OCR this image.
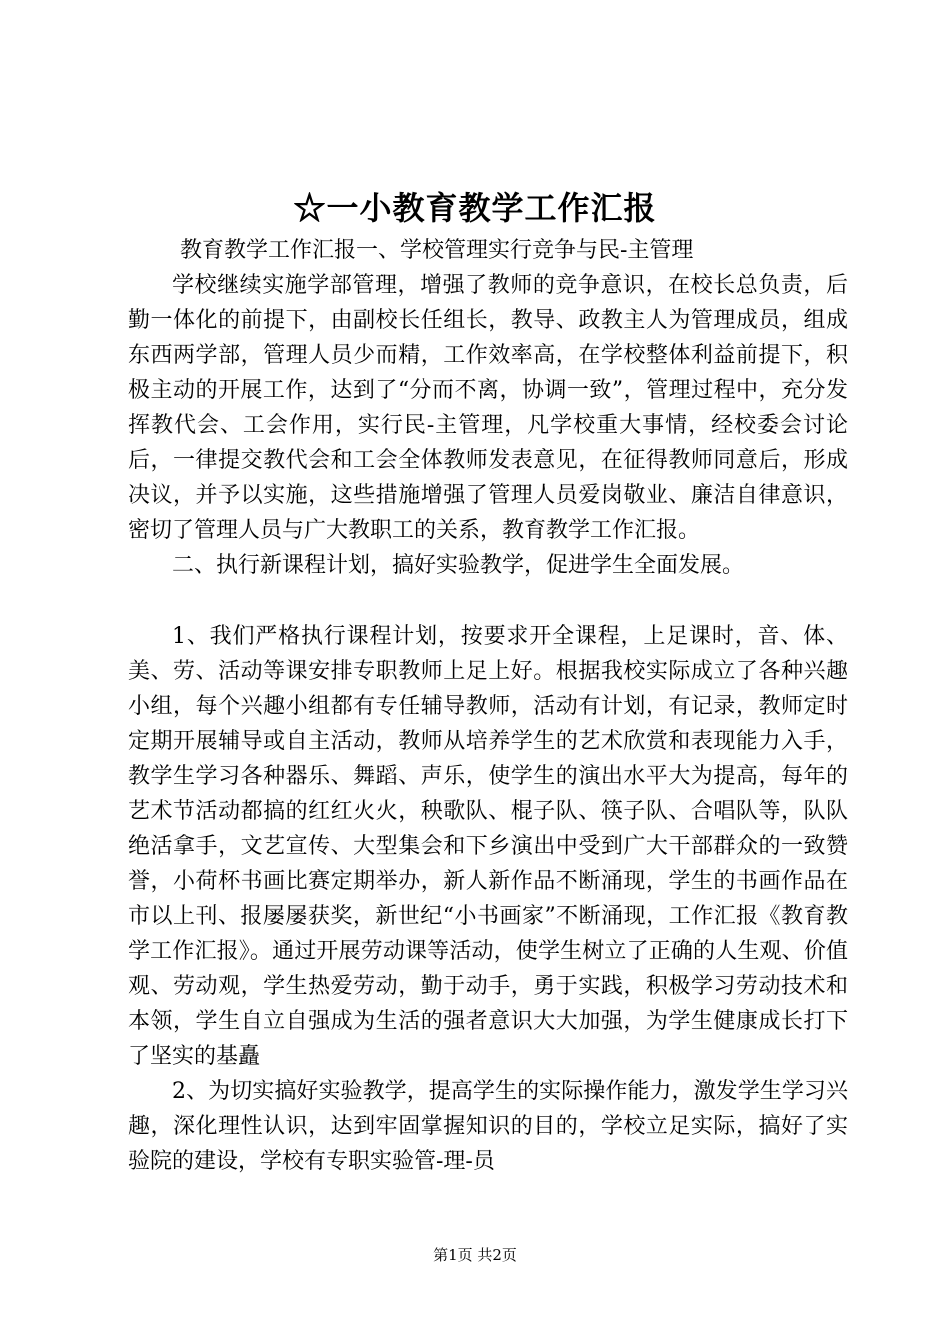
☆一小教育教学工作汇报

教育教学工作汇报一、学校管理实行竞争与民-主管理

学校继续实施学部管理，增强了教师的竞争意识，在校长总负责，后勤一体化的前提下，由副校长任组长，教导、政教主人为管理成员，组成东西两学部，管理人员少而精，工作效率高，在学校整体利益前提下，积极主动的开展工作，达到了“分而不离，协调一致”，管理过程中，充分发挥教代会、工会作用，实行民-主管理，凡学校重大事情，经校委会讨论后，一律提交教代会和工会全体教师发表意见，在征得教师同意后，形成决议，并予以实施，这些措施增强了管理人员爱岗敬业、廉洁自律意识，密切了管理人员与广大教职工的关系，教育教学工作汇报。

二、执行新课程计划，搞好实验教学，促进学生全面发展。

1、我们严格执行课程计划，按要求开全课程，上足课时，音、体、美、劳、活动等课安排专职教师上足上好。根据我校实际成立了各种兴趣小组，每个兴趣小组都有专任辅导教师，活动有计划，有记录，教师定时定期开展辅导或自主活动，教师从培养学生的艺术欣赏和表现能力入手，教学生学习各种器乐、舞蹈、声乐，使学生的演出水平大为提高，每年的艺术节活动都搞的红红火火，秧歌队、棍子队、筷子队、合唱队等，队队绝活拿手，文艺宣传、大型集会和下乡演出中受到广大干部群众的一致赞誉，小荷杯书画比赛定期举办，新人新作品不断涌现，学生的书画作品在市以上刊、报屡屡获奖，新世纪“小书画家”不断涌现，工作汇报《教育教学工作汇报》。通过开展劳动课等活动，使学生树立了正确的人生观、价值观、劳动观，学生热爱劳动，勤于动手，勇于实践，积极学习劳动技术和本领，学生自立自强成为生活的强者意识大大加强，为学生健康成长打下了坚实的基矗

2、为切实搞好实验教学，提高学生的实际操作能力，激发学生学习兴趣，深化理性认识，达到牢固掌握知识的目的，学校立足实际，搞好了实验院的建设，学校有专职实验管-理-员

第1页 共2页
